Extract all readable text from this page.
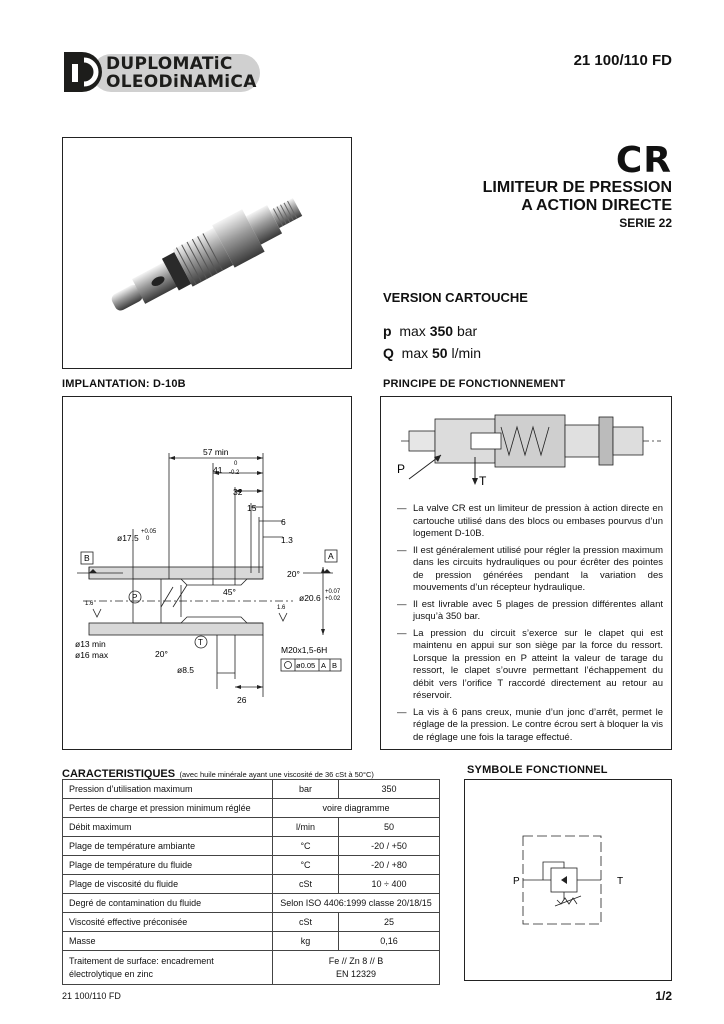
DUPLOMATiC
OLEODiNAMiCA
21 100/110 FD
CR
LIMITEUR DE PRESSION
A ACTION DIRECTE
SERIE 22
VERSION CARTOUCHE
p max 350 bar
Q max 50 l/min
IMPLANTATION: D-10B
57 min
41
0
-0.2
32
15
6
1.3
ø17.5
+0.05
0
B	A
20°
45°
ø20.6
+0.07
+0.02
1.6
1.6
P
T
M20x1,5-6H
ø0.05 A B
ø13 min
ø16 max	20°
ø8.5
26
PRINCIPE DE FONCTIONNEMENT
P
T

— La valve CR est un limiteur de pression à action directe en cartouche utilisé dans des blocs ou embases pourvus d’un logement D-10B.

— Il est généralement utilisé pour régler la pression maximum dans les circuits hydrauliques ou pour écrêter des pointes de pression générées pendant la variation des mouvements d’un récepteur hydraulique.

— Il est livrable avec 5 plages de pression différentes allant jusqu’à 350 bar.

— La pression du circuit s’exerce sur le clapet qui est maintenu en appui sur son siège par la force du ressort. Lorsque la pression en P atteint la valeur de tarage du ressort, le clapet s’ouvre permettant l’échappement du débit vers l’orifice T raccordé directement au retour au réservoir.

— La vis à 6 pans creux, munie d’un jonc d’arrêt, permet le réglage de la pression. Le contre écrou sert à bloquer la vis de réglage une fois la tarage effectué.

CARACTERISTIQUES (avec huile minérale ayant une viscosité de 36 cSt à 50°C)
Pression d’utilisation maximum	bar	350
Pertes de charge et pression minimum réglée	voire diagramme	
Débit maximum	l/min	50
Plage de température ambiante	°C	-20 / +50
Plage de température du fluide	°C	-20 / +80
Plage de viscosité du fluide	cSt	10 ÷ 400
Degré de contamination du fluide	Selon ISO 4406:1999 classe 20/18/15	
Viscosité effective préconisée	cSt	25
Masse	kg	0,16
Traitement de surface: encadrement
électrolytique en zinc	Fe // Zn 8 // B
EN 12329	
SYMBOLE FONCTIONNEL
P	T
21 100/110 FD	1/2
